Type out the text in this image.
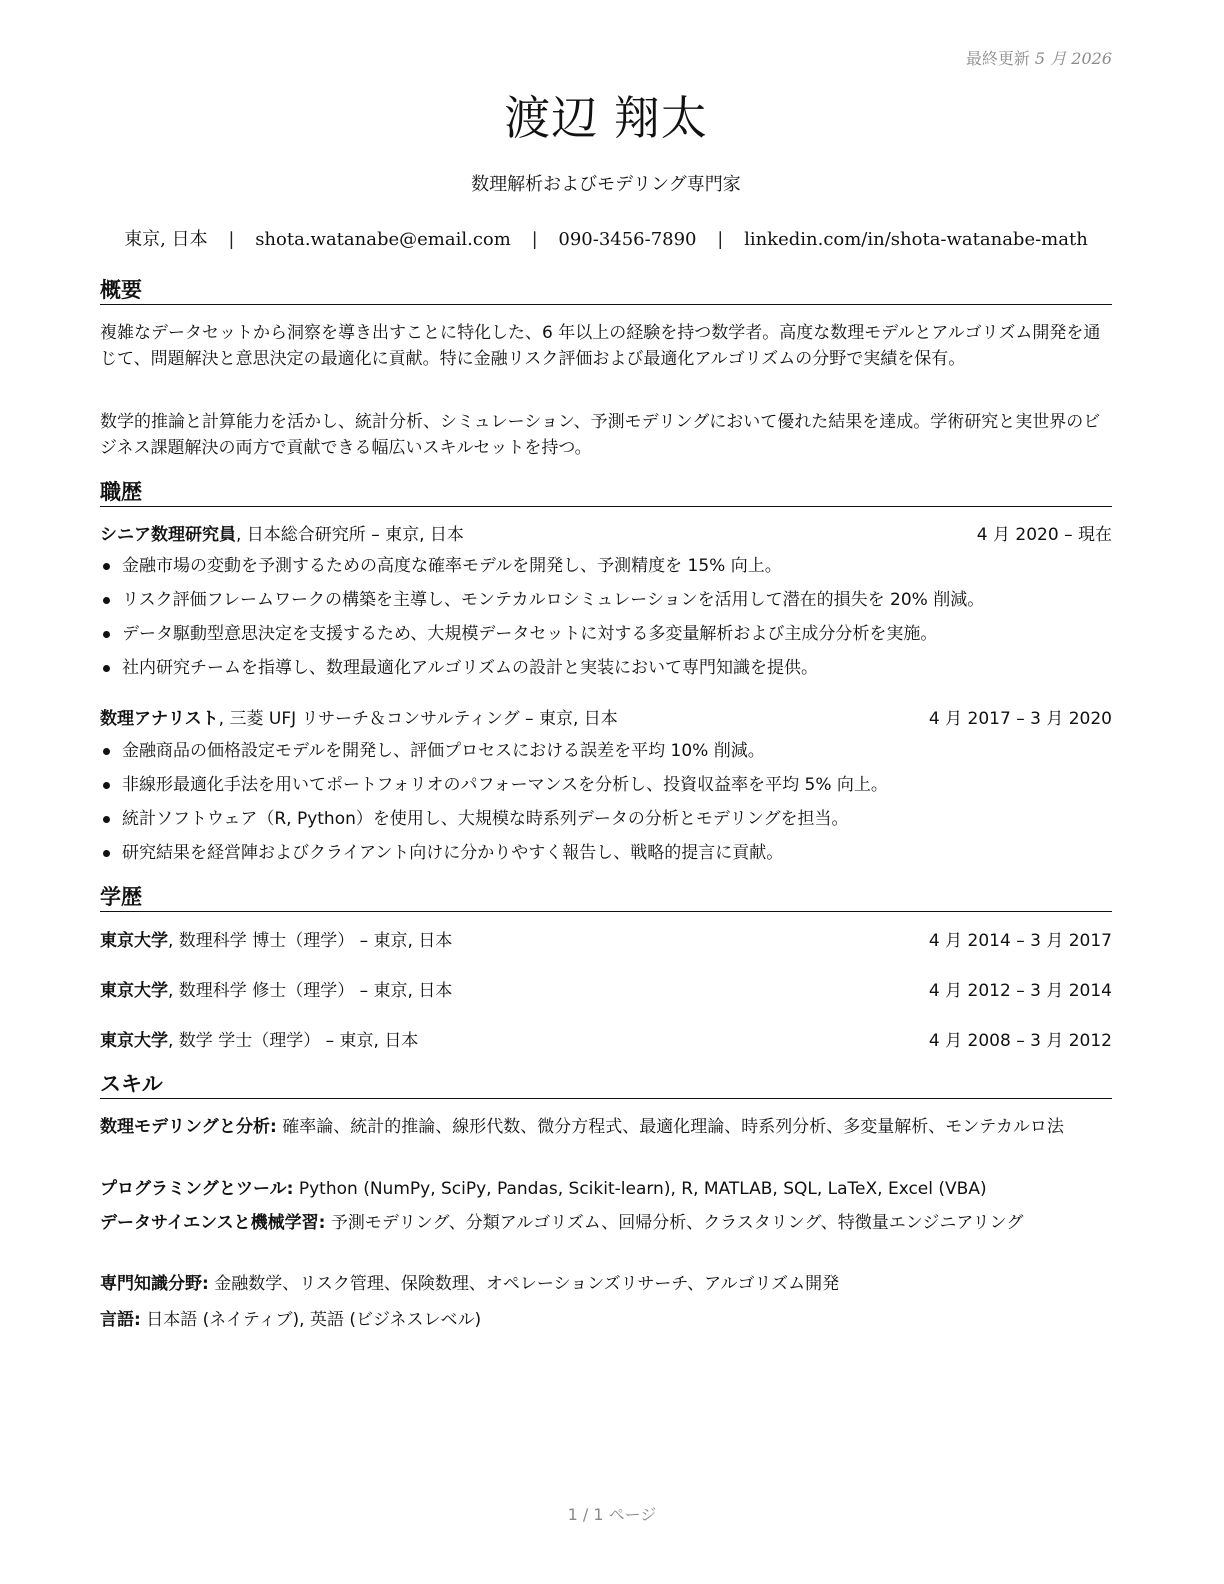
最終更新 5 月 2026
渡辺 翔太
数理解析およびモデリング専門家
東京, 日本 | shota.watanabe@email.com | 090-3456-7890 | linkedin.com/in/shota-watanabe-math
概要
複雑なデータセットから洞察を導き出すことに特化した、6 年以上の経験を持つ数学者。高度な数理モデルとアルゴリズム開発を通じて、問題解決と意思決定の最適化に貢献。特に金融リスク評価および最適化アルゴリズムの分野で実績を保有。
数学的推論と計算能力を活かし、統計分析、シミュレーション、予測モデリングにおいて優れた結果を達成。学術研究と実世界のビジネス課題解決の両方で貢献できる幅広いスキルセットを持つ。
職歴
シニア数理研究員, 日本総合研究所 – 東京, 日本	4 月 2020 – 現在
金融市場の変動を予測するための高度な確率モデルを開発し、予測精度を 15% 向上。
リスク評価フレームワークの構築を主導し、モンテカルロシミュレーションを活用して潜在的損失を 20% 削減。
データ駆動型意思決定を支援するため、大規模データセットに対する多変量解析および主成分分析を実施。
社内研究チームを指導し、数理最適化アルゴリズムの設計と実装において専門知識を提供。
数理アナリスト, 三菱 UFJ リサーチ＆コンサルティング – 東京, 日本	4 月 2017 – 3 月 2020
金融商品の価格設定モデルを開発し、評価プロセスにおける誤差を平均 10% 削減。
非線形最適化手法を用いてポートフォリオのパフォーマンスを分析し、投資収益率を平均 5% 向上。
統計ソフトウェア（R, Python）を使用し、大規模な時系列データの分析とモデリングを担当。
研究結果を経営陣およびクライアント向けに分かりやすく報告し、戦略的提言に貢献。
学歴
東京大学, 数理科学 博士（理学） – 東京, 日本	4 月 2014 – 3 月 2017
東京大学, 数理科学 修士（理学） – 東京, 日本	4 月 2012 – 3 月 2014
東京大学, 数学 学士（理学） – 東京, 日本	4 月 2008 – 3 月 2012
スキル
数理モデリングと分析: 確率論、統計的推論、線形代数、微分方程式、最適化理論、時系列分析、多変量解析、モンテカルロ法
プログラミングとツール: Python (NumPy, SciPy, Pandas, Scikit-learn), R, MATLAB, SQL, LaTeX, Excel (VBA)
データサイエンスと機械学習: 予測モデリング、分類アルゴリズム、回帰分析、クラスタリング、特徴量エンジニアリング
専門知識分野: 金融数学、リスク管理、保険数理、オペレーションズリサーチ、アルゴリズム開発
言語: 日本語 (ネイティブ), 英語 (ビジネスレベル)
1 / 1 ページ
